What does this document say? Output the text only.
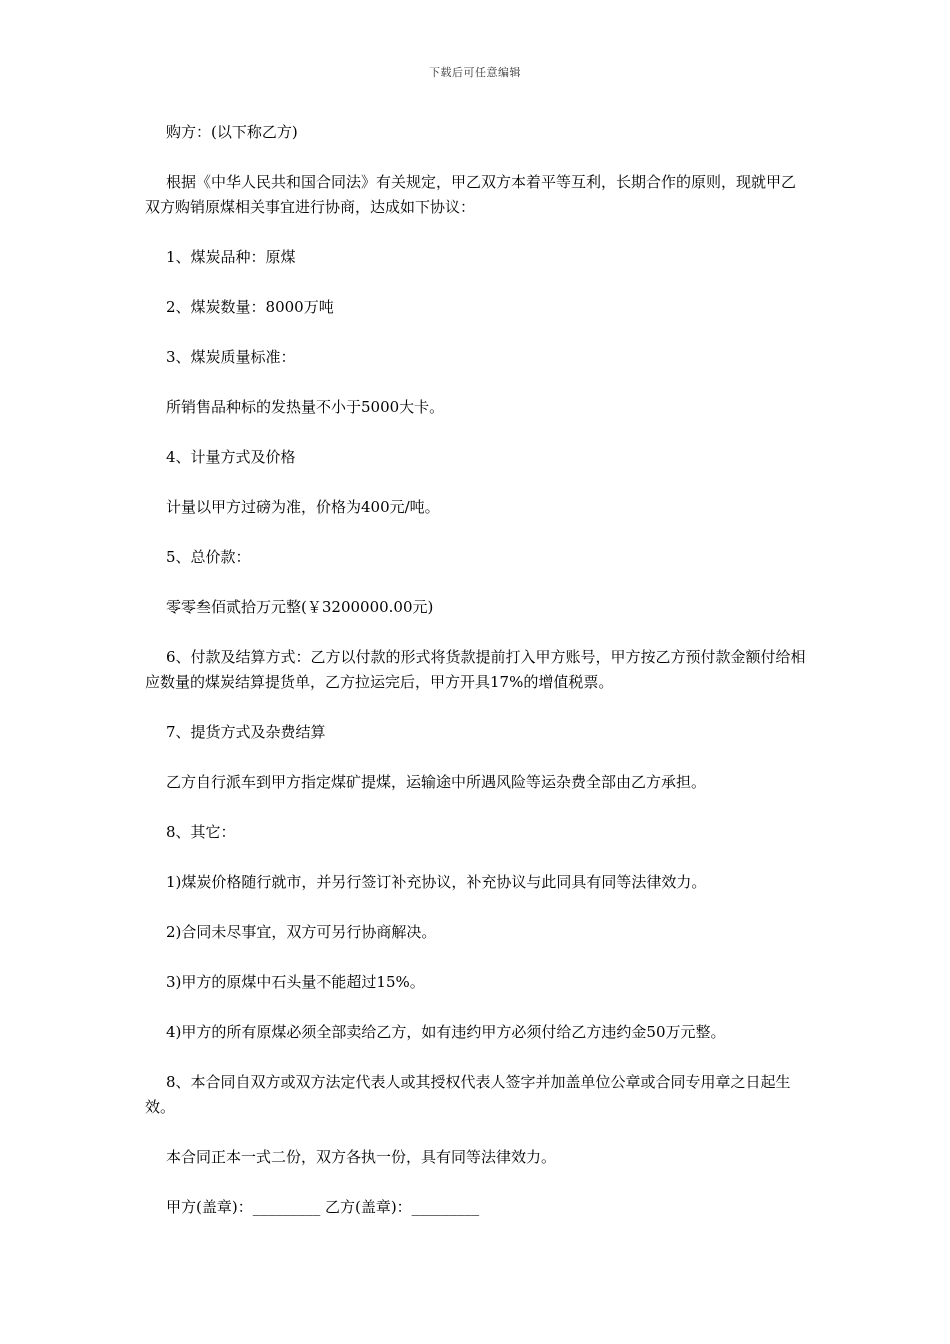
下载后可任意编辑

购方：(以下称乙方)

根据《中华人民共和国合同法》有关规定，甲乙双方本着平等互利，长期合作的原则，现就甲乙双方购销原煤相关事宜进行协商，达成如下协议：

1、煤炭品种：原煤

2、煤炭数量：8000万吨

3、煤炭质量标准：

所销售品种标的发热量不小于5000大卡。

4、计量方式及价格

计量以甲方过磅为准，价格为400元/吨。

5、总价款：

零零叁佰贰拾万元整(￥3200000.00元)

6、付款及结算方式：乙方以付款的形式将货款提前打入甲方账号，甲方按乙方预付款金额付给相应数量的煤炭结算提货单，乙方拉运完后，甲方开具17%的增值税票。

7、提货方式及杂费结算

乙方自行派车到甲方指定煤矿提煤，运输途中所遇风险等运杂费全部由乙方承担。

8、其它：

1)煤炭价格随行就市，并另行签订补充协议，补充协议与此同具有同等法律效力。

2)合同未尽事宜，双方可另行协商解决。

3)甲方的原煤中石头量不能超过15%。

4)甲方的所有原煤必须全部卖给乙方，如有违约甲方必须付给乙方违约金50万元整。

8、本合同自双方或双方法定代表人或其授权代表人签字并加盖单位公章或合同专用章之日起生效。

本合同正本一式二份，双方各执一份，具有同等法律效力。

甲方(盖章)：_________ 乙方(盖章)：_________
